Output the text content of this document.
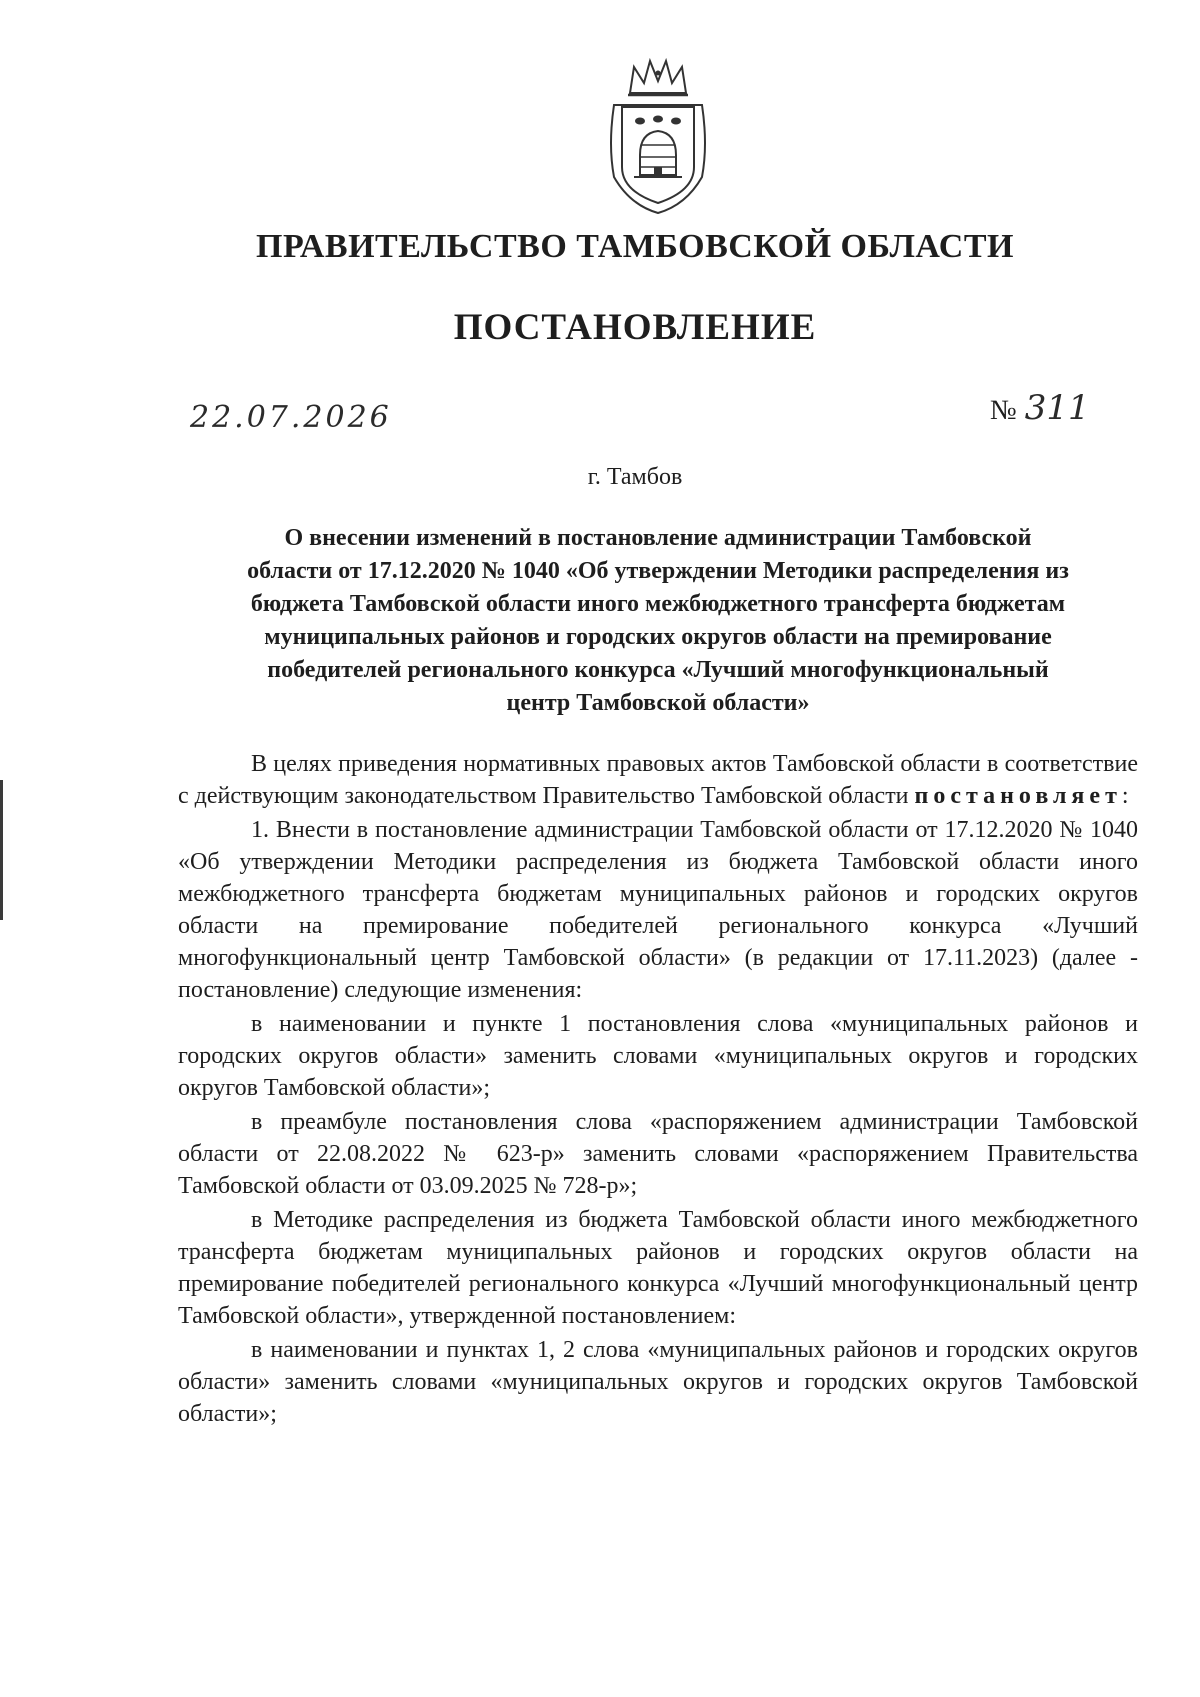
ПРАВИТЕЛЬСТВО ТАМБОВСКОЙ ОБЛАСТИ
ПОСТАНОВЛЕНИЕ
22.07.2026	№ 311
г. Тамбов
О внесении изменений в постановление администрации Тамбовской
области от 17.12.2020 № 1040 «Об утверждении Методики распределения из
бюджета Тамбовской области иного межбюджетного трансферта бюджетам
муниципальных районов и городских округов области на премирование
победителей регионального конкурса «Лучший многофункциональный
центр Тамбовской области»

В целях приведения нормативных правовых актов Тамбовской области в соответствие с действующим законодательством Правительство Тамбовской области постановляет:

1. Внести в постановление администрации Тамбовской области от 17.12.2020 № 1040 «Об утверждении Методики распределения из бюджета Тамбовской области иного межбюджетного трансферта бюджетам муниципальных районов и городских округов области на премирование победителей регионального конкурса «Лучший многофункциональный центр Тамбовской области» (в редакции от 17.11.2023) (далее - постановление) следующие изменения:

в наименовании и пункте 1 постановления слова «муниципальных районов и городских округов области» заменить словами «муниципальных округов и городских округов Тамбовской области»;

в преамбуле постановления слова «распоряжением администрации Тамбовской области от 22.08.2022 № 623-р» заменить словами «распоряжением Правительства Тамбовской области от 03.09.2025 № 728-р»;

в Методике распределения из бюджета Тамбовской области иного межбюджетного трансферта бюджетам муниципальных районов и городских округов области на премирование победителей регионального конкурса «Лучший многофункциональный центр Тамбовской области», утвержденной постановлением:

в наименовании и пунктах 1, 2 слова «муниципальных районов и городских округов области» заменить словами «муниципальных округов и городских округов Тамбовской области»;
